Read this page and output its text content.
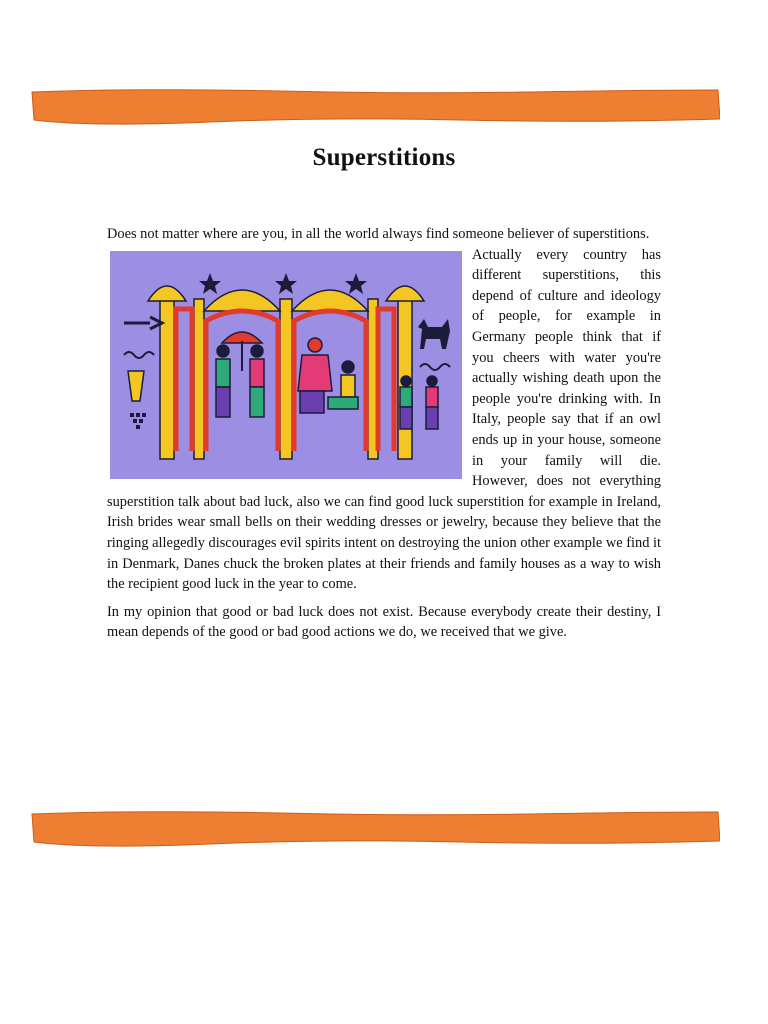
Superstitions

Does not matter where are you, in all the world always find someone believer of superstitions.

Actually every country has different superstitions, this depend of culture and ideology of people, for example in Germany people think that if you cheers with water you're actually wishing death upon the people you're drinking with. In Italy, people say that if an owl ends up in your house, someone in your family will die. However, does not everything superstition talk about bad luck, also we can find good luck superstition for example in Ireland, Irish brides wear small bells on their wedding dresses or jewelry, because they believe that the ringing allegedly discourages evil spirits intent on destroying the union other example we find it in Denmark, Danes chuck the broken plates at their friends and family houses as a way to wish the recipient good luck in the year to come.

In my opinion that good or bad luck does not exist. Because everybody create their destiny, I mean depends of the good or bad good actions we do, we received that we give.
